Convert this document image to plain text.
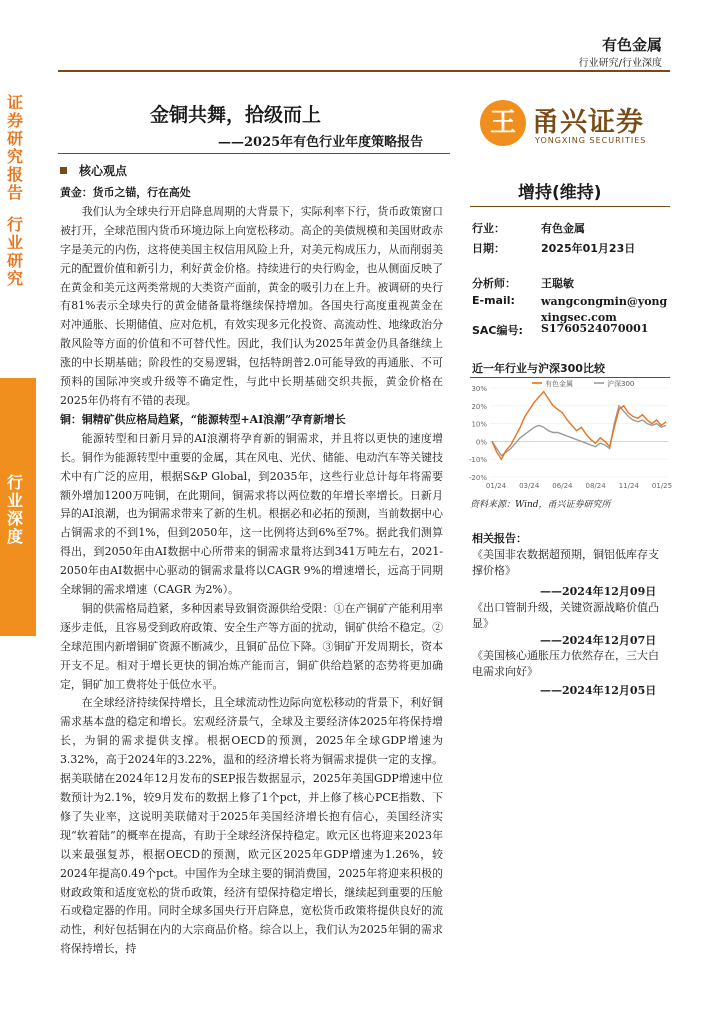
有色金属
行业研究/行业深度
证
券
研
究
报
告
行
业
研
究
行
业
深
度
金铜共舞，拾级而上
——2025年有色行业年度策略报告
核心观点

黄金：货币之锚，行在高处

我们认为全球央行开启降息周期的大背景下，实际利率下行，货币政策窗口被打开，全球范围内货币环境边际上向宽松移动。高企的美债规模和美国财政赤字是美元的内伤，这将使美国主权信用风险上升，对美元构成压力，从而削弱美元的配置价值和新引力，利好黄金价格。持续进行的央行购金，也从侧面反映了在黄金和美元这两类常规的大类资产面前，黄金的吸引力在上升。被调研的央行有81%表示全球央行的黄金储备量将继续保持增加。各国央行高度重视黄金在对冲通胀、长期储值、应对危机，有效实现多元化投资、高流动性、地缘政治分散风险等方面的价值和不可替代性。因此，我们认为2025年黄金仍具备继续上涨的中长期基础；阶段性的交易逻辑，包括特朗普2.0可能导致的再通胀、不可预料的国际冲突或升级等不确定性，与此中长期基础交织共振，黄金价格在2025年仍将有不错的表现。

铜：铜精矿供应格局趋紧，“能源转型+AI浪潮”孕育新增长

能源转型和日新月异的AI浪潮将孕育新的铜需求，并且将以更快的速度增长。铜作为能源转型中重要的金属，其在风电、光伏、储能、电动汽车等关键技术中有广泛的应用，根据S&P Global，到2035年，这些行业总计每年将需要额外增加1200万吨铜，在此期间，铜需求将以两位数的年增长率增长。日新月异的AI浪潮，也为铜需求带来了新的生机。根据必和必拓的预测，当前数据中心占铜需求的不到1%，但到2050年，这一比例将达到6%至7%。据此我们测算得出，到2050年由AI数据中心所带来的铜需求量将达到341万吨左右，2021-2050年由AI数据中心驱动的铜需求量将以CAGR 9%的增速增长，远高于同期全球铜的需求增速（CAGR 为2%）。

铜的供需格局趋紧，多种因素导致铜资源供给受限：①在产铜矿产能利用率逐步走低，且容易受到政府政策、安全生产等方面的扰动，铜矿供给不稳定。②全球范围内新增铜矿资源不断减少，且铜矿品位下降。③铜矿开发周期长，资本开支不足。相对于增长更快的铜冶炼产能而言，铜矿供给趋紧的态势将更加确定，铜矿加工费将处于低位水平。

在全球经济持续保持增长，且全球流动性边际向宽松移动的背景下，利好铜需求基本盘的稳定和增长。宏观经济景气，全球及主要经济体2025年将保持增长，为铜的需求提供支撑。根据OECD的预测，2025年全球GDP增速为3.32%，高于2024年的3.22%，温和的经济增长将为铜需求提供一定的支撑。据美联储在2024年12月发布的SEP报告数据显示，2025年美国GDP增速中位数预计为2.1%，较9月发布的数据上修了1个pct，并上修了核心PCE指数、下修了失业率，这说明美联储对于2025年美国经济增长抱有信心，美国经济实现“软着陆”的概率在提高，有助于全球经济保持稳定。欧元区也将迎来2023年以来最强复苏，根据OECD的预测，欧元区2025年GDP增速为1.26%，较2024年提高0.49个pct。中国作为全球主要的铜消费国，2025年将迎来积极的财政政策和适度宽松的货币政策，经济有望保持稳定增长，继续起到重要的压舱石或稳定器的作用。同时全球多国央行开启降息，宽松货币政策将提供良好的流动性，利好包括铜在内的大宗商品价格。综合以上，我们认为2025年铜的需求将保持增长，持

王 甬兴证券
YONGXING SECURITIES
增持(维持)
行业：	有色金属
日期：	2025年01月23日
分析师： 王聪敏
E-mail: wangcongmin@yongxingsec.com
SAC编号: S1760524070001
近一年行业与沪深300比较
30%
20%
10%
0%
-10%
-20%
01/24 03/24 06/24 08/24 11/24 01/25
有色金属	沪深300
资料来源：Wind，甬兴证券研究所
相关报告：
《美国非农数据超预期，铜铝低库存支撑价格》
——2024年12月09日
《出口管制升级，关键资源战略价值凸显》
——2024年12月07日
《美国核心通胀压力依然存在，三大白电需求向好》
——2024年12月05日
